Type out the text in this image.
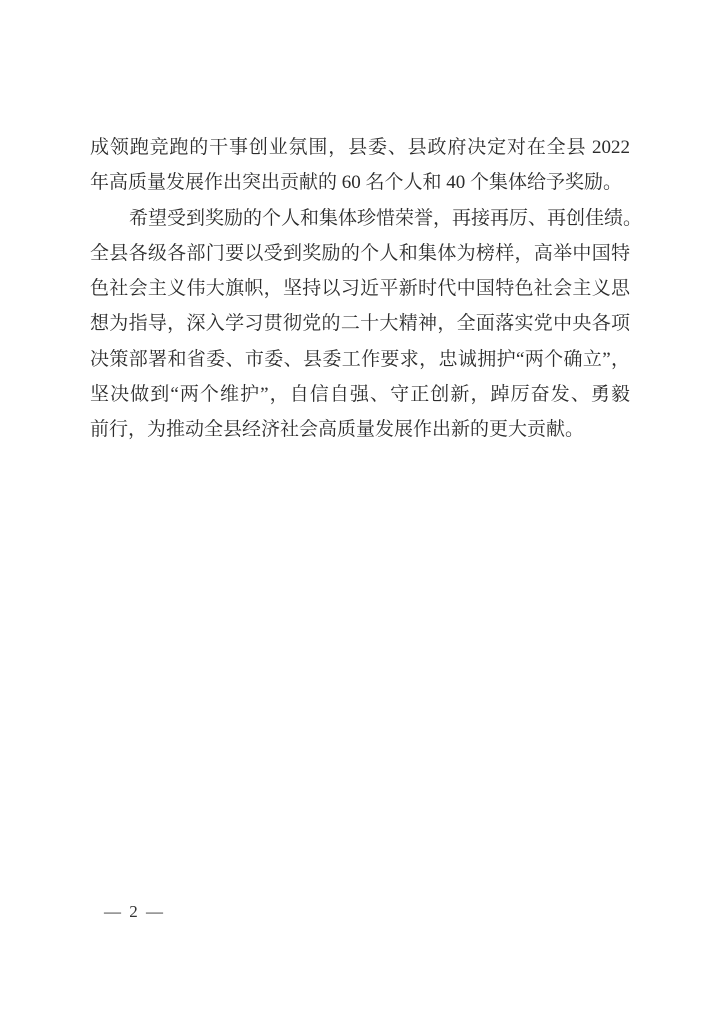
成领跑竞跑的干事创业氛围，县委、县政府决定对在全县 2022
年高质量发展作出突出贡献的 60 名个人和 40 个集体给予奖励。
希望受到奖励的个人和集体珍惜荣誉，再接再厉、再创佳绩。
全县各级各部门要以受到奖励的个人和集体为榜样，高举中国特
色社会主义伟大旗帜，坚持以习近平新时代中国特色社会主义思
想为指导，深入学习贯彻党的二十大精神，全面落实党中央各项
决策部署和省委、市委、县委工作要求，忠诚拥护“两个确立”，
坚决做到“两个维护”，自信自强、守正创新，踔厉奋发、勇毅
前行，为推动全县经济社会高质量发展作出新的更大贡献。
— 2 —
